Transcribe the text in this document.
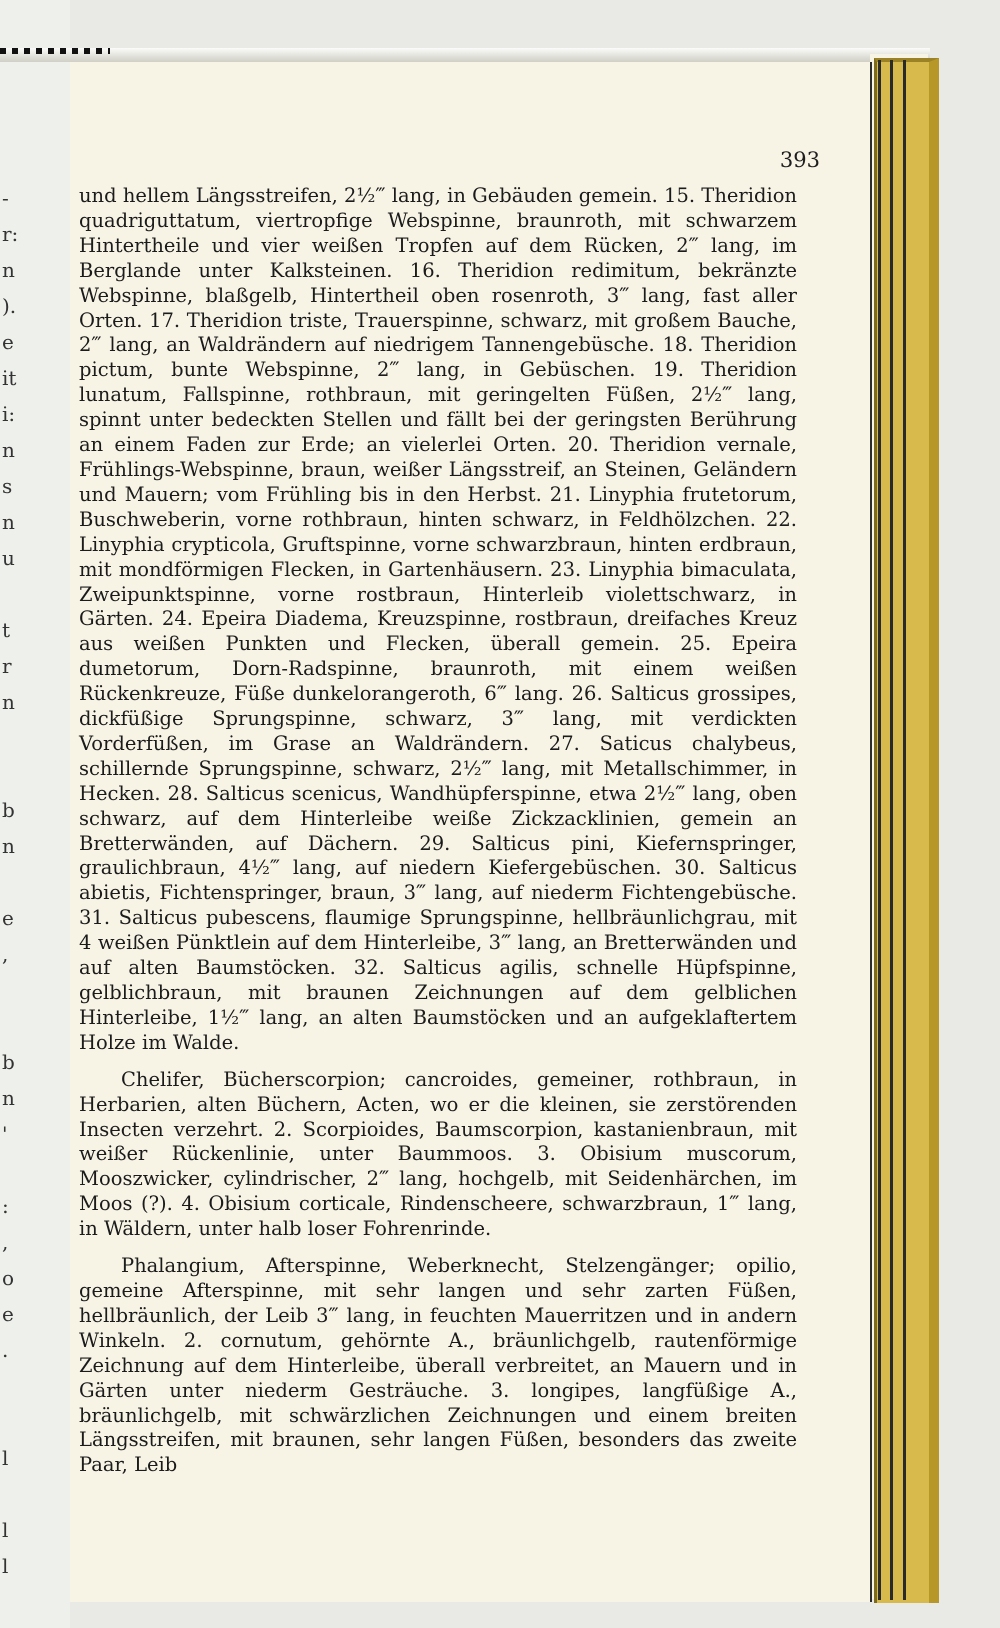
-
r:
n
).
e
it
i:
n
s
n
u
t
r
n
b
n
e
,
b
n
'
:
,
o
e
.
l
l
l
393

und hellem Längsstreifen, 2½‴ lang, in Gebäuden gemein. 15. Theridion quadriguttatum, viertropfige Webspinne, braunroth, mit schwarzem Hintertheile und vier weißen Tropfen auf dem Rücken, 2‴ lang, im Berglande unter Kalksteinen. 16. Theridion redimitum, bekränzte Webspinne, blaßgelb, Hintertheil oben rosenroth, 3‴ lang, fast aller Orten. 17. Theridion triste, Trauerspinne, schwarz, mit großem Bauche, 2‴ lang, an Waldrändern auf niedrigem Tannengebüsche. 18. Theridion pictum, bunte Webspinne, 2‴ lang, in Gebüschen. 19. Theridion lunatum, Fallspinne, rothbraun, mit geringelten Füßen, 2½‴ lang, spinnt unter bedeckten Stellen und fällt bei der geringsten Berührung an einem Faden zur Erde; an vielerlei Orten. 20. Theridion vernale, Frühlings-Webspinne, braun, weißer Längsstreif, an Steinen, Geländern und Mauern; vom Frühling bis in den Herbst. 21. Linyphia frutetorum, Buschweberin, vorne rothbraun, hinten schwarz, in Feldhölzchen. 22. Linyphia crypticola, Gruftspinne, vorne schwarzbraun, hinten erdbraun, mit mondförmigen Flecken, in Gartenhäusern. 23. Linyphia bimaculata, Zweipunktspinne, vorne rostbraun, Hinterleib violettschwarz, in Gärten. 24. Epeira Diadema, Kreuzspinne, rostbraun, dreifaches Kreuz aus weißen Punkten und Flecken, überall gemein. 25. Epeira dumetorum, Dorn-Radspinne, braunroth, mit einem weißen Rückenkreuze, Füße dunkelorangeroth, 6‴ lang. 26. Salticus grossipes, dickfüßige Sprungspinne, schwarz, 3‴ lang, mit verdickten Vorderfüßen, im Grase an Waldrändern. 27. Saticus chalybeus, schillernde Sprungspinne, schwarz, 2½‴ lang, mit Metallschimmer, in Hecken. 28. Salticus scenicus, Wandhüpferspinne, etwa 2½‴ lang, oben schwarz, auf dem Hinterleibe weiße Zickzacklinien, gemein an Bretterwänden, auf Dächern. 29. Salticus pini, Kiefernspringer, graulichbraun, 4½‴ lang, auf niedern Kiefergebüschen. 30. Salticus abietis, Fichtenspringer, braun, 3‴ lang, auf niederm Fichtengebüsche. 31. Salticus pubescens, flaumige Sprungspinne, hellbräunlichgrau, mit 4 weißen Pünktlein auf dem Hinterleibe, 3‴ lang, an Bretterwänden und auf alten Baumstöcken. 32. Salticus agilis, schnelle Hüpfspinne, gelblichbraun, mit braunen Zeichnungen auf dem gelblichen Hinterleibe, 1½‴ lang, an alten Baumstöcken und an aufgeklaftertem Holze im Walde.

Chelifer, Bücherscorpion; cancroides, gemeiner, rothbraun, in Herbarien, alten Büchern, Acten, wo er die kleinen, sie zerstörenden Insecten verzehrt. 2. Scorpioides, Baumscorpion, kastanienbraun, mit weißer Rückenlinie, unter Baummoos. 3. Obisium muscorum, Mooszwicker, cylindrischer, 2‴ lang, hochgelb, mit Seidenhärchen, im Moos (?). 4. Obisium corticale, Rindenscheere, schwarzbraun, 1‴ lang, in Wäldern, unter halb loser Fohrenrinde.

Phalangium, Afterspinne, Weberknecht, Stelzengänger; opilio, gemeine Afterspinne, mit sehr langen und sehr zarten Füßen, hellbräunlich, der Leib 3‴ lang, in feuchten Mauerritzen und in andern Winkeln. 2. cornutum, gehörnte A., bräunlichgelb, rautenförmige Zeichnung auf dem Hinterleibe, überall verbreitet, an Mauern und in Gärten unter niederm Gesträuche. 3. longipes, langfüßige A., bräunlichgelb, mit schwärzlichen Zeichnungen und einem breiten Längsstreifen, mit braunen, sehr langen Füßen, besonders das zweite Paar, Leib
